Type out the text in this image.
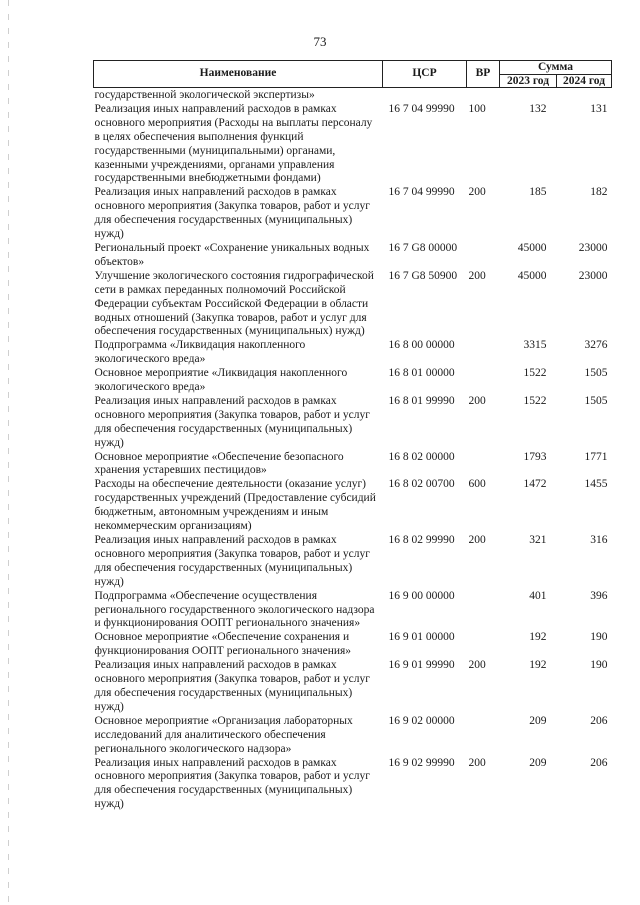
73
Наименование	ЦСР	ВР	Сумма	
			2023 год	2024 год
государственной экологической экспертизы»				
Реализация иных направлений расходов в рамках основного мероприятия (Расходы на выплаты персоналу в целях обеспечения выполнения функций государственными (муниципальными) органами, казенными учреждениями, органами управления государственными внебюджетными фондами)	16 7 04 99990	100	132	131
Реализация иных направлений расходов в рамках основного мероприятия (Закупка товаров, работ и услуг для обеспечения государственных (муниципальных) нужд)	16 7 04 99990	200	185	182
Региональный проект «Сохранение уникальных водных объектов»	16 7 G8 00000		45000	23000
Улучшение экологического состояния гидрографической сети в рамках переданных полномочий Российской Федерации субъектам Российской Федерации в области водных отношений (Закупка товаров, работ и услуг для обеспечения государственных (муниципальных) нужд)	16 7 G8 50900	200	45000	23000
Подпрограмма «Ликвидация накопленного экологического вреда»	16 8 00 00000		3315	3276
Основное мероприятие «Ликвидация накопленного экологического вреда»	16 8 01 00000		1522	1505
Реализация иных направлений расходов в рамках основного мероприятия (Закупка товаров, работ и услуг для обеспечения государственных (муниципальных) нужд)	16 8 01 99990	200	1522	1505
Основное мероприятие «Обеспечение безопасного хранения устаревших пестицидов»	16 8 02 00000		1793	1771
Расходы на обеспечение деятельности (оказание услуг) государственных учреждений (Предоставление субсидий бюджетным, автономным учреждениям и иным некоммерческим организациям)	16 8 02 00700	600	1472	1455
Реализация иных направлений расходов в рамках основного мероприятия (Закупка товаров, работ и услуг для обеспечения государственных (муниципальных) нужд)	16 8 02 99990	200	321	316
Подпрограмма «Обеспечение осуществления регионального государственного экологического надзора и функционирования ООПТ регионального значения»	16 9 00 00000		401	396
Основное мероприятие «Обеспечение сохранения и функционирования ООПТ регионального значения»	16 9 01 00000		192	190
Реализация иных направлений расходов в рамках основного мероприятия (Закупка товаров, работ и услуг для обеспечения государственных (муниципальных) нужд)	16 9 01 99990	200	192	190
Основное мероприятие «Организация лабораторных исследований для аналитического обеспечения регионального экологического надзора»	16 9 02 00000		209	206
Реализация иных направлений расходов в рамках основного мероприятия (Закупка товаров, работ и услуг для обеспечения государственных (муниципальных) нужд)	16 9 02 99990	200	209	206
